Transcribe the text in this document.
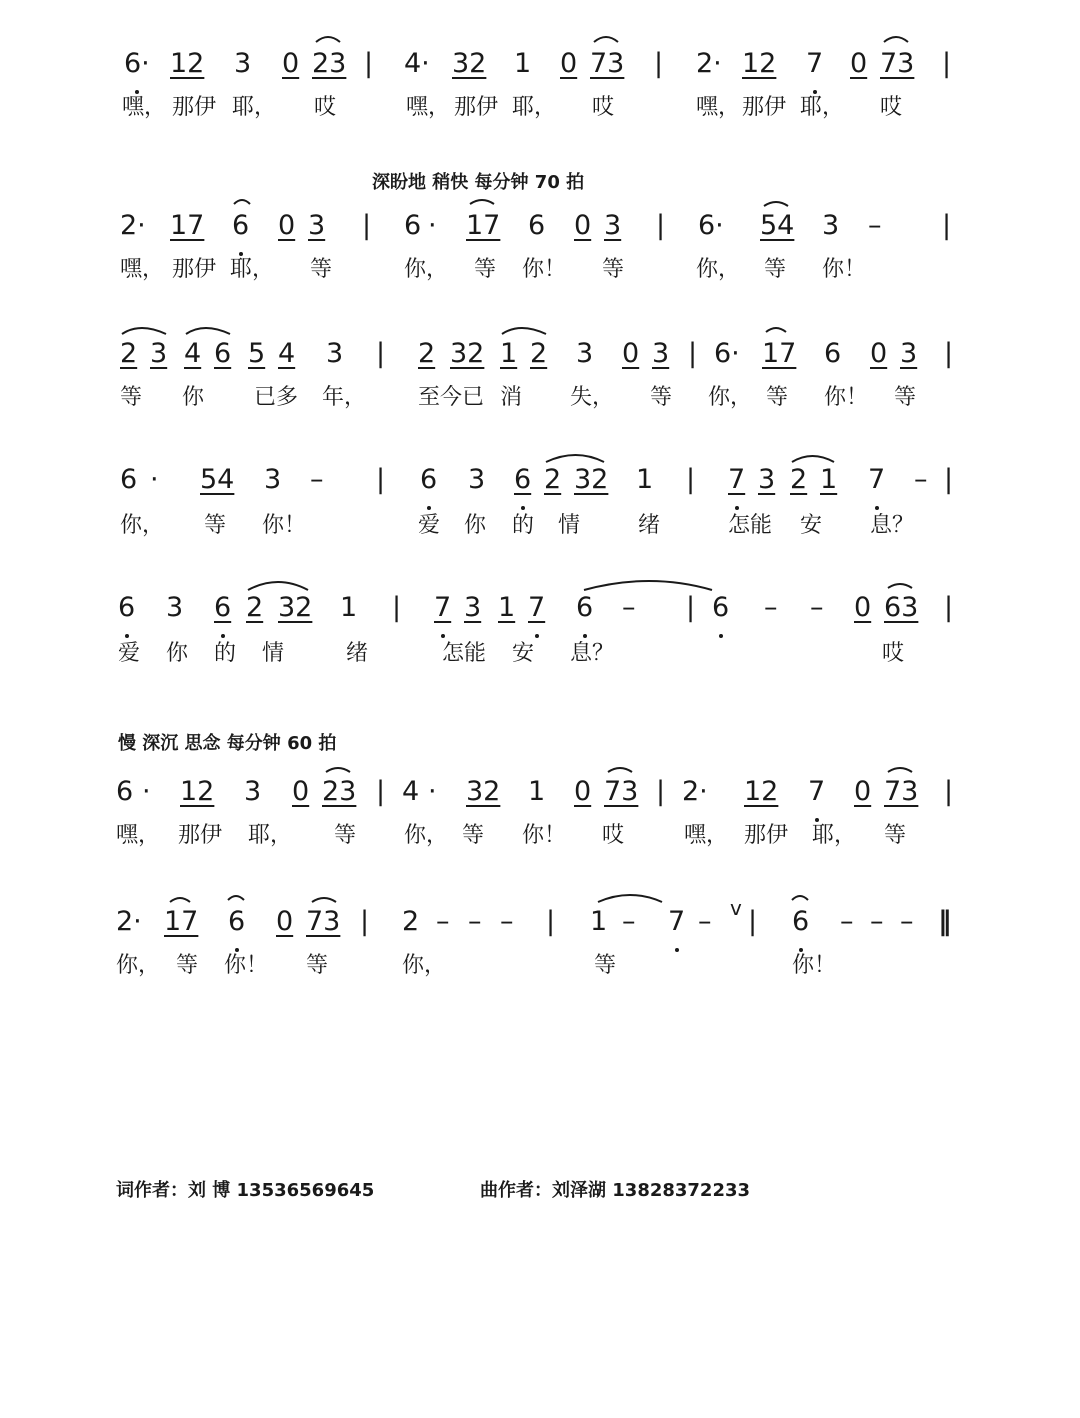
6· 12 3 0 23 | 4· 32 1 0 73 | 2· 12 7 0 73 |
嘿， 那伊 耶， 哎	嘿， 那伊 耶， 哎	嘿， 那伊 耶， 哎
深盼地 稍快 每分钟 70 拍
2· 17 6 0 3 | 6 · 17 6 0 3 | 6· 54 3 – |
嘿， 那伊 耶， 等	你， 等 你！ 等	你， 等 你！
2 3 4 6 5 4 3 | 2 32 1 2 3 0 3 | 6· 17 6 0 3 |
等 你 已多 年， 至今已 消 失， 等 你， 等 你！ 等
6 · 54 3 – | 6 3 6 2 32 1 | 7 3 2 1 7 – |
你， 等 你！	爱 你 的 情	绪	怎能 安 息？
6 3 6 2 32 1 | 7 3 1 7 6 – | 6 – – 0 63 |
爱 你 的 情	绪	怎能 安 息？	哎
慢 深沉 思念 每分钟 60 拍
6 · 12 3 0 23 | 4 · 32 1 0 73 | 2· 12 7 0 73 |
嘿， 那伊 耶， 等 你， 等 你！ 哎	嘿， 那伊 耶， 等
2· 17 6 0 73 | 2 – – – | 1 – 7 – v | 6 – – – ‖
你， 等 你！ 等	你，	等	你！
词作者：刘 博 13536569645	曲作者：刘泽湖 13828372233
